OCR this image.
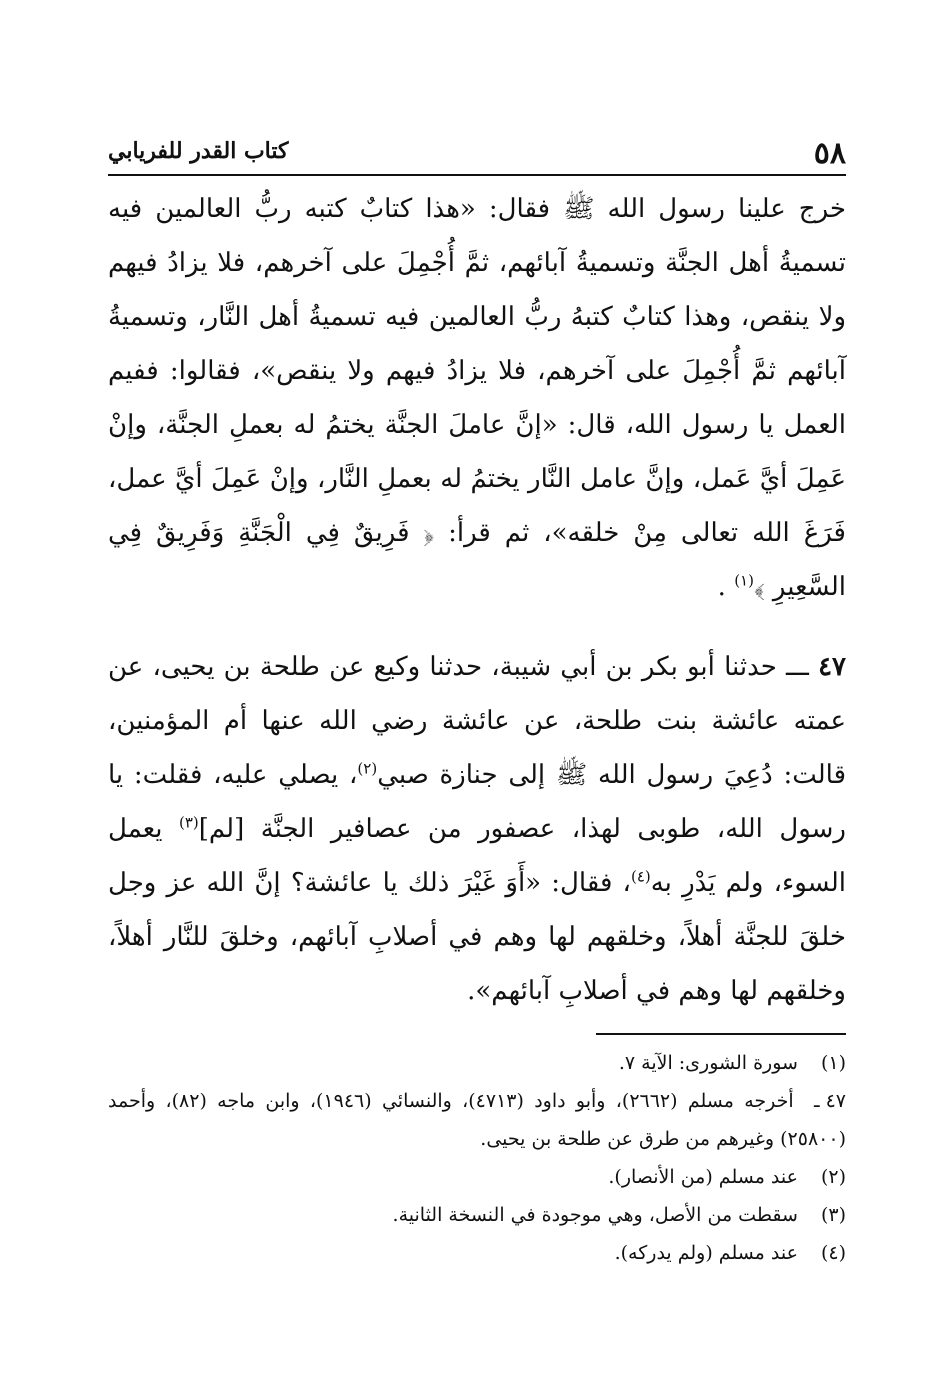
٥٨
كتاب القدر للفريابي

خرج علينا رسول الله ﷺ فقال: «هذا كتابٌ كتبه ربُّ العالمين فيه تسميةُ أهل الجنَّة وتسميةُ آبائهم، ثمَّ أُجْمِلَ على آخرهم، فلا يزادُ فيهم ولا ينقص، وهذا كتابٌ كتبهُ ربُّ العالمين فيه تسميةُ أهل النَّار، وتسميةُ آبائهم ثمَّ أُجْمِلَ على آخرهم، فلا يزادُ فيهم ولا ينقص»، فقالوا: ففيم العمل يا رسول الله، قال: «إنَّ عاملَ الجنَّة يختمُ له بعملِ الجنَّة، وإنْ عَمِلَ أيَّ عَمل، وإنَّ عامل النَّار يختمُ له بعملِ النَّار، وإنْ عَمِلَ أيَّ عمل، فَرَغَ الله تعالى مِنْ خلقه»، ثم قرأ: ﴿ فَرِيقٌ فِي الْجَنَّةِ وَفَرِيقٌ فِي السَّعِيرِ ﴾$^{(١)}$ .

٤٧ ـــ حدثنا أبو بكر بن أبي شيبة، حدثنا وكيع عن طلحة بن يحيى، عن عمته عائشة بنت طلحة، عن عائشة رضي الله عنها أم المؤمنين، قالت: دُعِيَ رسول الله ﷺ إلى جنازة صبي$^{(٢)}$، يصلي عليه، فقلت: يا رسول الله، طوبى لهذا، عصفور من عصافير الجنَّة [لم]$^{(٣)}$ يعمل السوء، ولم يَدْرِ به$^{(٤)}$، فقال: «أَوَ غَيْرَ ذلك يا عائشة؟ إنَّ الله عز وجل خلقَ للجنَّة أهلاً، وخلقهم لها وهم في أصلابِ آبائهم، وخلقَ للنَّار أهلاً، وخلقهم لها وهم في أصلابِ آبائهم».

(١) سورة الشورى: الآية ٧.

٤٧ ـ أخرجه مسلم (٢٦٦٢)، وأبو داود (٤٧١٣)، والنسائي (١٩٤٦)، وابن ماجه (٨٢)، وأحمد (٢٥٨٠٠) وغيرهم من طرق عن طلحة بن يحيى.

(٢) عند مسلم (من الأنصار).

(٣) سقطت من الأصل، وهي موجودة في النسخة الثانية.

(٤) عند مسلم (ولم يدركه).
